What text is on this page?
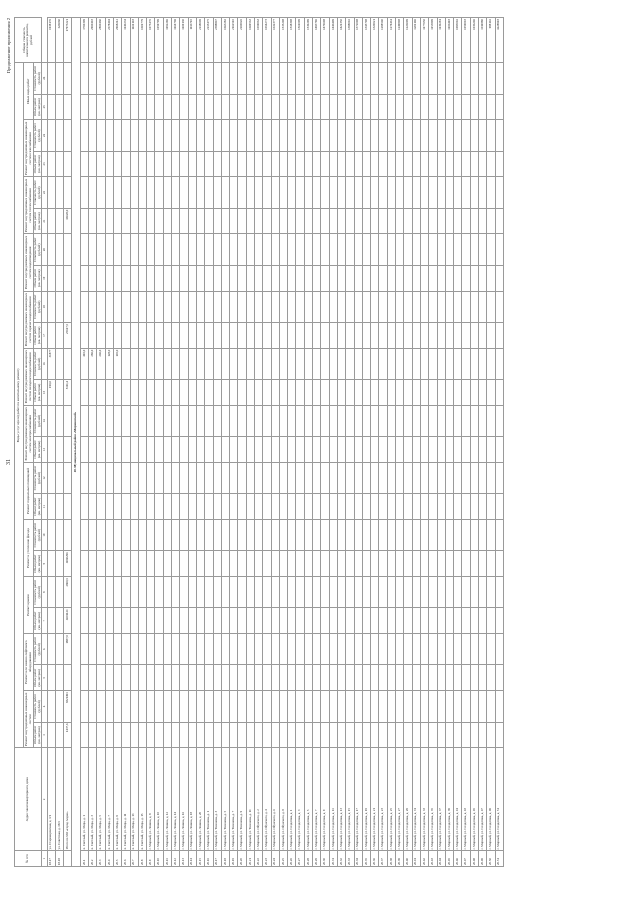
31
Продолжение приложения 2
№ п/п	Адрес многоквартирного дома	Виды услуг и(или) работ по капитальному ремонту																								Общая стоимость капитального ремонта, рублей
		Ремонт внутридомовых инженерных систем		Ремонт или замена лифтового оборудования		Ремонт крыши		Ремонт и утепление фасада		Ремонт подвальных помещений		Ремонт внутридомовых инженерных систем электроснабжения		Ремонт внутридомовых инженерных систем холодного водоснабжения		Ремонт внутридомовых инженерных систем горячего водоснабжения		Ремонт внутридомовых инженерных систем водоотведения		Ремонт внутридомовых инженерных систем теплоснабжения		Ремонт внутридомовых инженерных систем газоснабжения		Иные виды работ		
		Объем работ (кв. метров)	Стоимость работ (рублей)	Объем работ (кв. метров)	Стоимость работ (рублей)	Объем работ (кв. метров)	Стоимость работ (рублей)	Объем работ (кв. метров)	Стоимость работ (рублей)	Объем работ (кв. метров)	Стоимость работ (рублей)	Объем работ (кв. метров)	Стоимость работ (рублей)	Объем работ (кв. метров)	Стоимость работ (рублей)	Объем работ (кв. метров)	Стоимость работ (рублей)	Объем работ (кв. метров)	Стоимость работ (рублей)	Объем работ (кв. метров)	Стоимость работ (рублей)	Объем работ (кв. метров)	Стоимость работ (рублей)	Объем работ (кв. метров)	Стоимость работ (рублей)	
1	2	3	4	5	6	7	8	9	10	11	12	13	14	15	16	17	18	19	20	21	22	23	24	25	26	
18.17	ул. Старокировская, д. 3/1													190,0	31877											1938176
18.18	ул. Советская, д. 18/1																									626060
	Итого по МО «город Алдан»	1437,6	8321491		1887,0	4601121	2860,5	4060296						5111,4		25617,5				16628,0						17973221
20. Муниципальный район «Мирнинский»																										
20.1	п. Светлый, ул. Мира, д. 1														410,0											3760309
20.2	п. Светлый, ул. Мира, д. 3														286,0											2960403
20.3	п. Светлый, ул. Мира, д. 5														246,0											2860460
20.4	п. Светлый, ул. Мира, д. 7														128,0											2678404
20.5	п. Светлый, ул. Мира, д. 9														145,0											2968212
20.6	п. Светлый, ул. Мира, д. 11																									1140234
20.7	п. Светлый, ул. Мира, д. 13																									1161103
20.8	п. Светлый, ул. Мира, д. 15																									1601779
20.9	г. Мирный, ул. Ленина, д. 8																									1075476
20.10	г. Мирный, ул. Ленина, д. 10																									1059709
20.11	г. Мирный, ул. Ленина, д. 12																									1192296
20.12	г. Мирный, ул. Ленина, д. 14																									1164769
20.13	г. Мирный, ул. Ленина, д. 16																									1169130
20.14	г. Мирный, ул. Ленина, д. 18																									1116710
20.15	г. Мирный, ул. Ленина, д. 20																									2218049
20.16	г. Мирный, ул. Тихонова, д. 1																									2215475
20.17	г. Мирный, ул. Тихонова, д. 3																									2388847
20.18	г. Мирный, ул. Тихонова, д. 5																									1663282
20.19	г. Мирный, ул. Тихонова, д. 7																									2162510
20.20	г. Мирный, ул. Тихонова, д. 9																									2260026
20.21	г. Мирный, ул. Тихонова, д. 11																									1669563
20.22	г. Мирный, ул. Ойунского, д. 2																									1659063
20.23	г. Мирный, ул. Ойунского, д. 4																									1654273
20.24	г. Мирный, ул. Ойунского, д. 6																									1632377
20.25	г. Мирный, ул. Ойунского, д. 8																									1535208
20.26	г. Мирный, ул. Солдатова, д. 1																									1518308
20.27	г. Мирный, ул. Солдатова, д. 3																									1561009
20.28	г. Мирный, ул. Солдатова, д. 5																									1530299
20.29	г. Мирный, ул. Солдатова, д. 7																									1493796
20.30	г. Мирный, ул. Солдатова, д. 9																									1470608
20.31	г. Мирный, ул. Солдатова, д. 11																									1446409
20.32	г. Мирный, ул. Солдатова, д. 13																									1421350
20.33	г. Мирный, ул. Солдатова, д. 15																									1398002
20.34	г. Мирный, ул. Солдатова, д. 17																									1372008
20.35	г. Мирный, ул. Солдатова, д. 19																									1345708
20.36	г. Мирный, ул. Солдатова, д. 21																									1320021
20.37	г. Мирный, ул. Солдатова, д. 23																									1298540
20.38	г. Мирный, ул. Солдатова, д. 25																									1274461
20.39	г. Мирный, ул. Солдатова, д. 27																									1249808
20.40	г. Мирный, ул. Солдатова, д. 29																									1226009
20.41	г. Мирный, ул. Солдатова, д. 31																									1201106
20.42	г. Мирный, ул. Солдатова, д. 33																									1177650
20.43	г. Мирный, ул. Солдатова, д. 35																									1153809
20.44	г. Мирный, ул. Солдатова, д. 37																									1130281
20.45	г. Мирный, ул. Солдатова, д. 39																									1106418
20.46	г. Мирный, ул. Солдатова, д. 41																									1083002
20.47	г. Мирный, ул. Солдатова, д. 43																									1059003
20.48	г. Мирный, ул. Солдатова, д. 45																									1036206
20.49	г. Мирный, ул. Солдатова, д. 47																									1011880
20.50	г. Мирный, ул. Солдатова, д. 49																									988102
20.51	г. Мирный, ул. Солдатова, д. 51																									4228918
